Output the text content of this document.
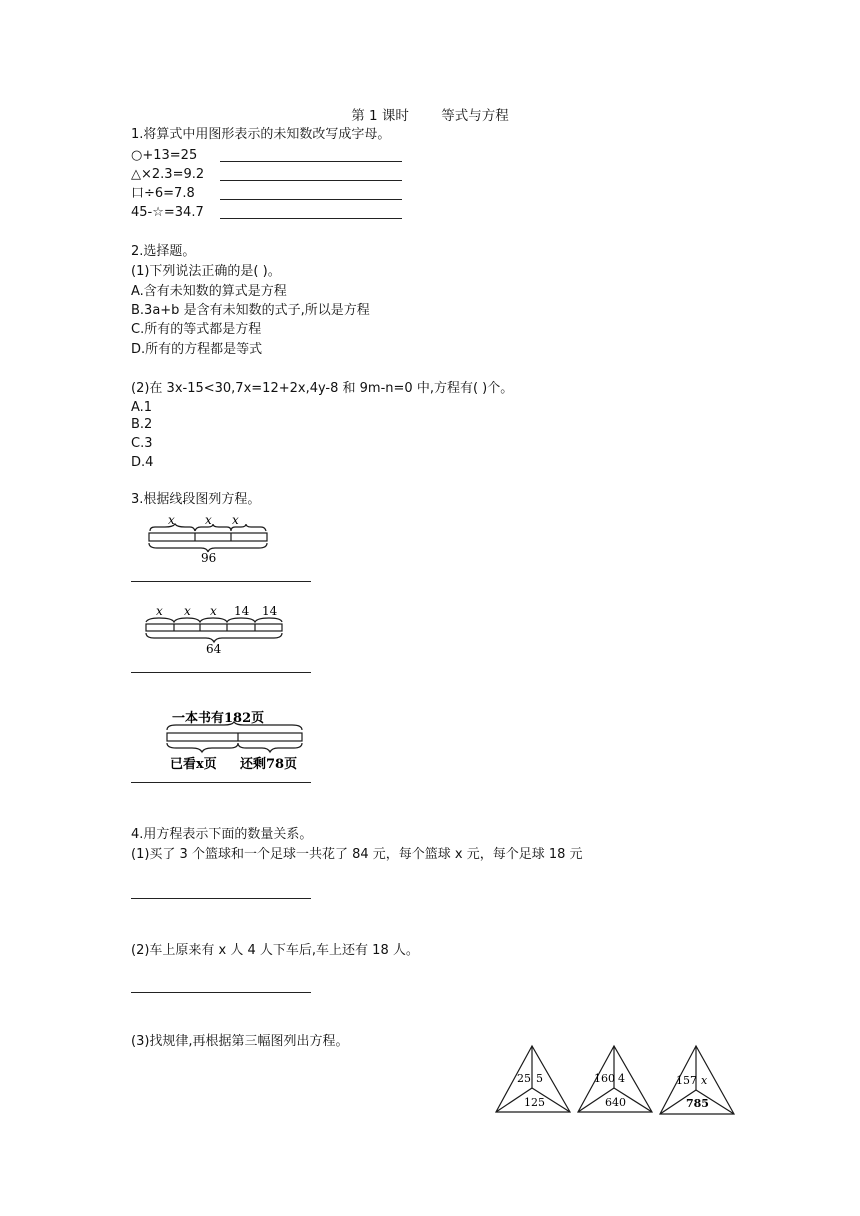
第 1 课时 等式与方程
1.将算式中用图形表示的未知数改写成字母。
○+13=25
△×2.3=9.2
口÷6=7.8
45-☆=34.7
2.选择题。
(1)下列说法正确的是( )。
A.含有未知数的算式是方程
B.3a+b 是含有未知数的式子,所以是方程
C.所有的等式都是方程
D.所有的方程都是等式
(2)在 3x-15<30,7x=12+2x,4y-8 和 9m-n=0 中,方程有( )个。
A.1
B.2
C.3
D.4
3.根据线段图列方程。
x	x x
96
x x x 14 14
64
一本书有182页
已看x页 还剩78页
4.用方程表示下面的数量关系。
(1)买了 3 个篮球和一个足球一共花了 84 元，每个篮球 x 元，每个足球 18 元
(2)车上原来有 x 人 4 人下车后,车上还有 18 人。
(3)找规律,再根据第三幅图列出方程。
25 5
125
160 4
640
157 x
785
